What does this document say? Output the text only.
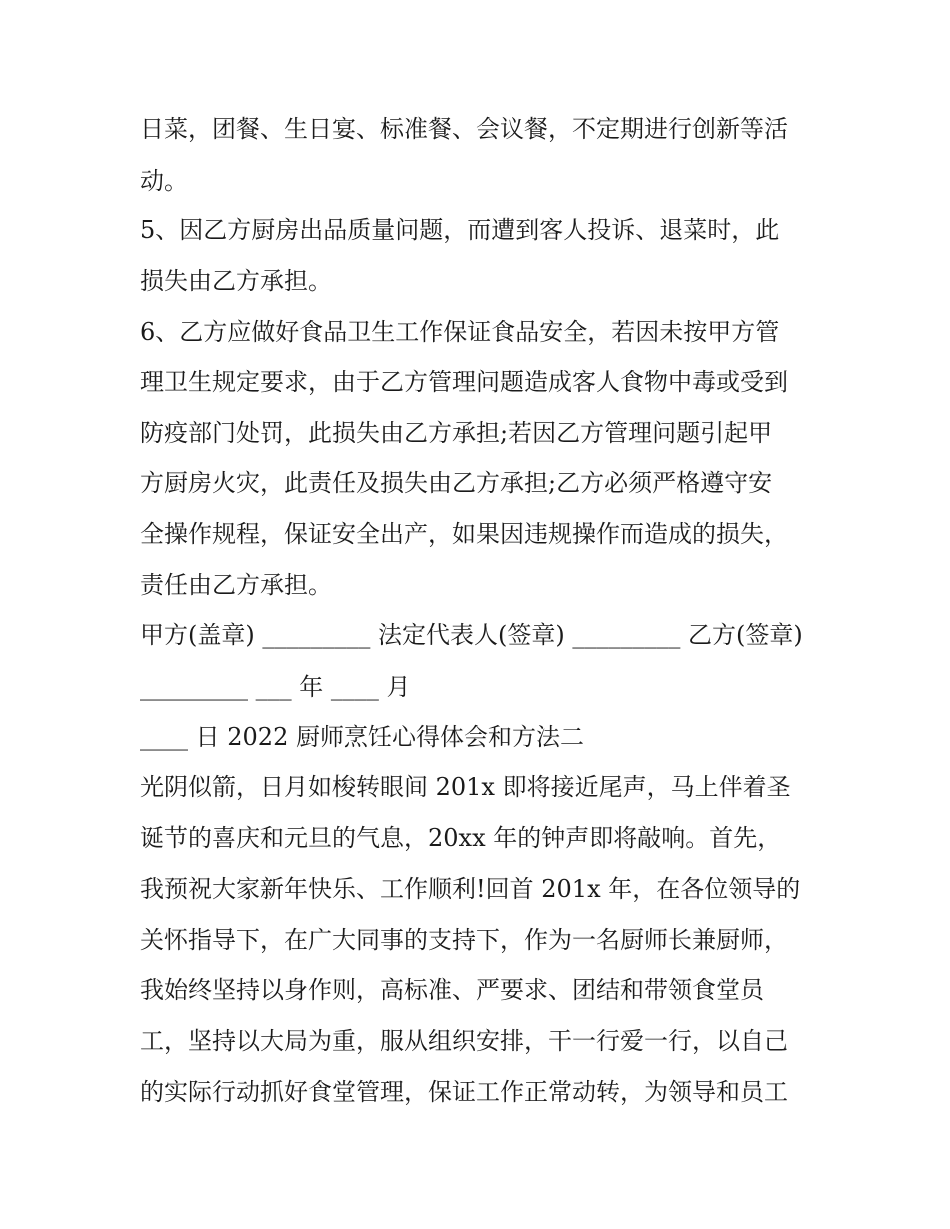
日菜，团餐、生日宴、标准餐、会议餐，不定期进行创新等活

动。

5、因乙方厨房出品质量问题，而遭到客人投诉、退菜时，此

损失由乙方承担。

6、乙方应做好食品卫生工作保证食品安全，若因未按甲方管

理卫生规定要求，由于乙方管理问题造成客人食物中毒或受到

防疫部门处罚，此损失由乙方承担;若因乙方管理问题引起甲

方厨房火灾，此责任及损失由乙方承担;乙方必须严格遵守安

全操作规程，保证安全出产，如果因违规操作而造成的损失，

责任由乙方承担。

甲方(盖章) _________ 法定代表人(签章) _________ 乙方(签章)

_________ ___ 年 ____ 月

____ 日 2022 厨师烹饪心得体会和方法二

光阴似箭，日月如梭转眼间 201x 即将接近尾声，马上伴着圣

诞节的喜庆和元旦的气息，20xx 年的钟声即将敲响。首先，

我预祝大家新年快乐、工作顺利!回首 201x 年，在各位领导的

关怀指导下，在广大同事的支持下，作为一名厨师长兼厨师，

我始终坚持以身作则，高标准、严要求、团结和带领食堂员

工，坚持以大局为重，服从组织安排，干一行爱一行，以自己

的实际行动抓好食堂管理，保证工作正常动转，为领导和员工
